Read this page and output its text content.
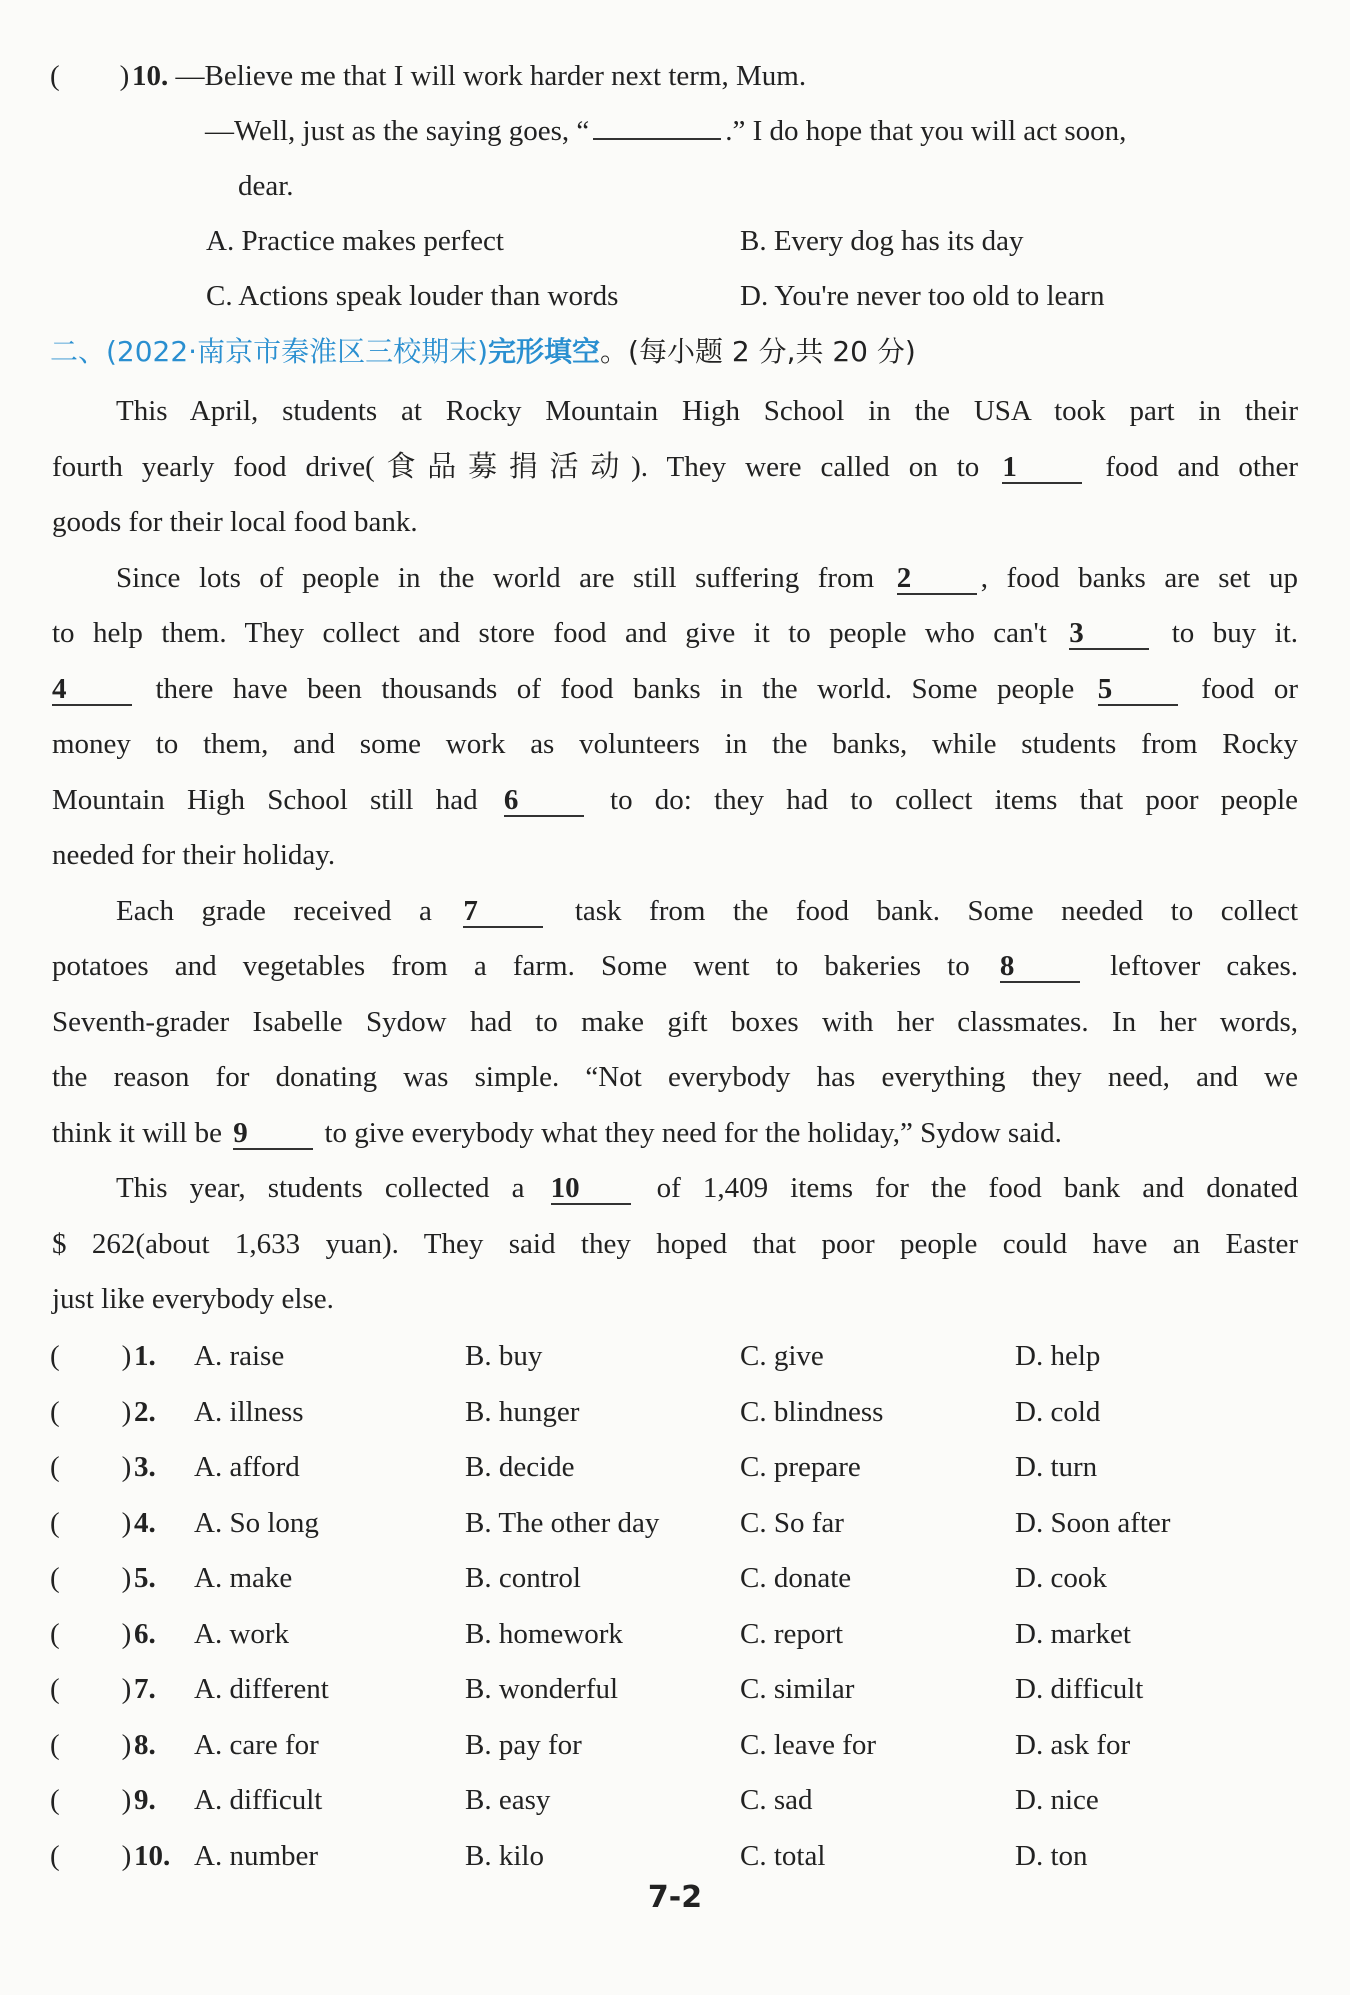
( )10. —Believe me that I will work harder next term, Mum.
—Well, just as the saying goes, “	.” I do hope that you will act soon,
dear.
A. Practice makes perfect	B. Every dog has its day
C. Actions speak louder than words	D. You're never too old to learn
二、(2022·南京市秦淮区三校期末)完形填空。(每小题 2 分,共 20 分)
This April, students at Rocky Mountain High School in the USA took part in their
fourth yearly food drive(食品募捐活动). They were called on to 1	food and other
goods for their local food bank.
Since lots of people in the world are still suffering from 2 , food banks are set up
to help them. They collect and store food and give it to people who can't 3	to buy it.
4	there have been thousands of food banks in the world. Some people 5	food or
money to them, and some work as volunteers in the banks, while students from Rocky
Mountain High School still had 6	to do: they had to collect items that poor people
needed for their holiday.
Each grade received a 7	task from the food bank. Some needed to collect
potatoes and vegetables from a farm. Some went to bakeries to 8	leftover cakes.
Seventh-grader Isabelle Sydow had to make gift boxes with her classmates. In her words,
the reason for donating was simple. “Not everybody has everything they need, and we
think it will be 9	to give everybody what they need for the holiday,” Sydow said.
This year, students collected a 10	of 1,409 items for the food bank and donated
$ 262(about 1,633 yuan). They said they hoped that poor people could have an Easter
just like everybody else.
( )1. A. raise	B. buy	C. give	D. help
( )2. A. illness	B. hunger	C. blindness	D. cold
( )3. A. afford	B. decide	C. prepare	D. turn
( )4. A. So long	B. The other day	C. So far	D. Soon after
( )5. A. make	B. control	C. donate	D. cook
( )6. A. work	B. homework	C. report	D. market
( )7. A. different	B. wonderful	C. similar	D. difficult
( )8. A. care for	B. pay for	C. leave for	D. ask for
( )9. A. difficult	B. easy	C. sad	D. nice
( )10. A. number	B. kilo	C. total	D. ton
7-2
